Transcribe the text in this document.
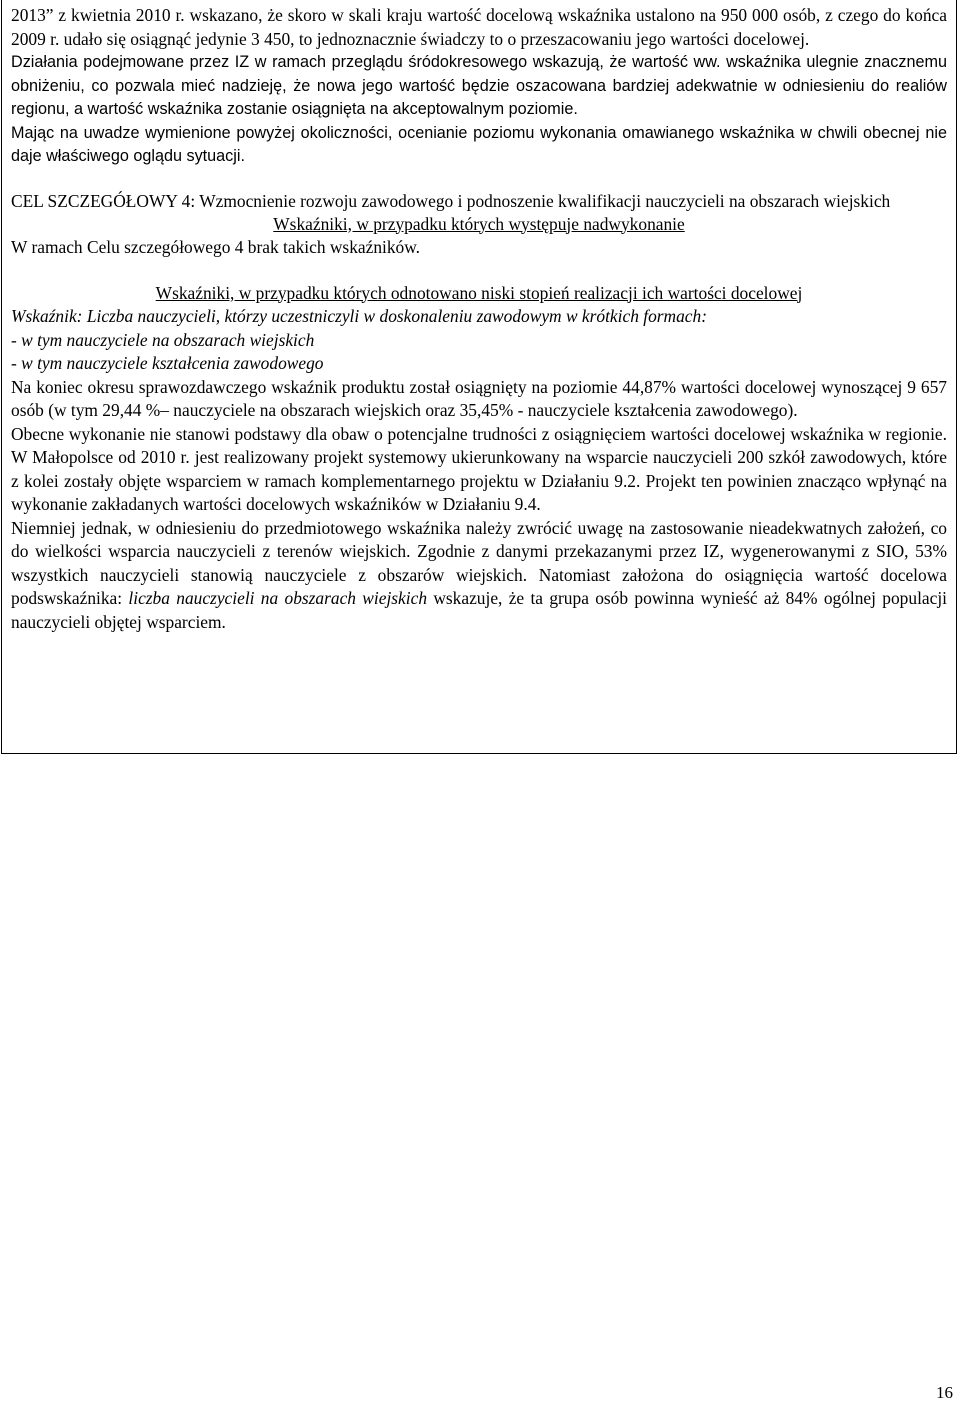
2013” z kwietnia 2010 r. wskazano, że skoro w skali kraju wartość docelową wskaźnika ustalono na 950 000 osób, z czego do końca 2009 r. udało się osiągnąć jedynie 3 450, to jednoznacznie świadczy to o przeszacowaniu jego wartości docelowej.

Działania podejmowane przez IZ w ramach przeglądu śródokresowego wskazują, że wartość ww. wskaźnika ulegnie znacznemu obniżeniu, co pozwala mieć nadzieję, że nowa jego wartość będzie oszacowana bardziej adekwatnie w odniesieniu do realiów regionu, a wartość wskaźnika zostanie osiągnięta na akceptowalnym poziomie.

Mając na uwadze wymienione powyżej okoliczności, ocenianie poziomu wykonania omawianego wskaźnika w chwili obecnej nie daje właściwego oglądu sytuacji.

CEL SZCZEGÓŁOWY 4: Wzmocnienie rozwoju zawodowego i podnoszenie kwalifikacji nauczycieli na obszarach wiejskich

Wskaźniki, w przypadku których występuje nadwykonanie

W ramach Celu szczegółowego 4 brak takich wskaźników.

Wskaźniki, w przypadku których odnotowano niski stopień realizacji ich wartości docelowej

Wskaźnik: Liczba nauczycieli, którzy uczestniczyli w doskonaleniu zawodowym w krótkich formach:

- w tym nauczyciele na obszarach wiejskich

- w tym nauczyciele kształcenia zawodowego

Na koniec okresu sprawozdawczego wskaźnik produktu został osiągnięty na poziomie 44,87% wartości docelowej wynoszącej 9 657 osób (w tym 29,44 %– nauczyciele na obszarach wiejskich oraz 35,45% - nauczyciele kształcenia zawodowego).

Obecne wykonanie nie stanowi podstawy dla obaw o potencjalne trudności z osiągnięciem wartości docelowej wskaźnika w regionie. W Małopolsce od 2010 r. jest realizowany projekt systemowy ukierunkowany na wsparcie nauczycieli 200 szkół zawodowych, które z kolei zostały objęte wsparciem w ramach komplementarnego projektu w Działaniu 9.2. Projekt ten powinien znacząco wpłynąć na wykonanie zakładanych wartości docelowych wskaźników w Działaniu 9.4.

Niemniej jednak, w odniesieniu do przedmiotowego wskaźnika należy zwrócić uwagę na zastosowanie nieadekwatnych założeń, co do wielkości wsparcia nauczycieli z terenów wiejskich. Zgodnie z danymi przekazanymi przez IZ, wygenerowanymi z SIO, 53% wszystkich nauczycieli stanowią nauczyciele z obszarów wiejskich. Natomiast założona do osiągnięcia wartość docelowa podswskaźnika: liczba nauczycieli na obszarach wiejskich wskazuje, że ta grupa osób powinna wynieść aż 84% ogólnej populacji nauczycieli objętej wsparciem.

16
